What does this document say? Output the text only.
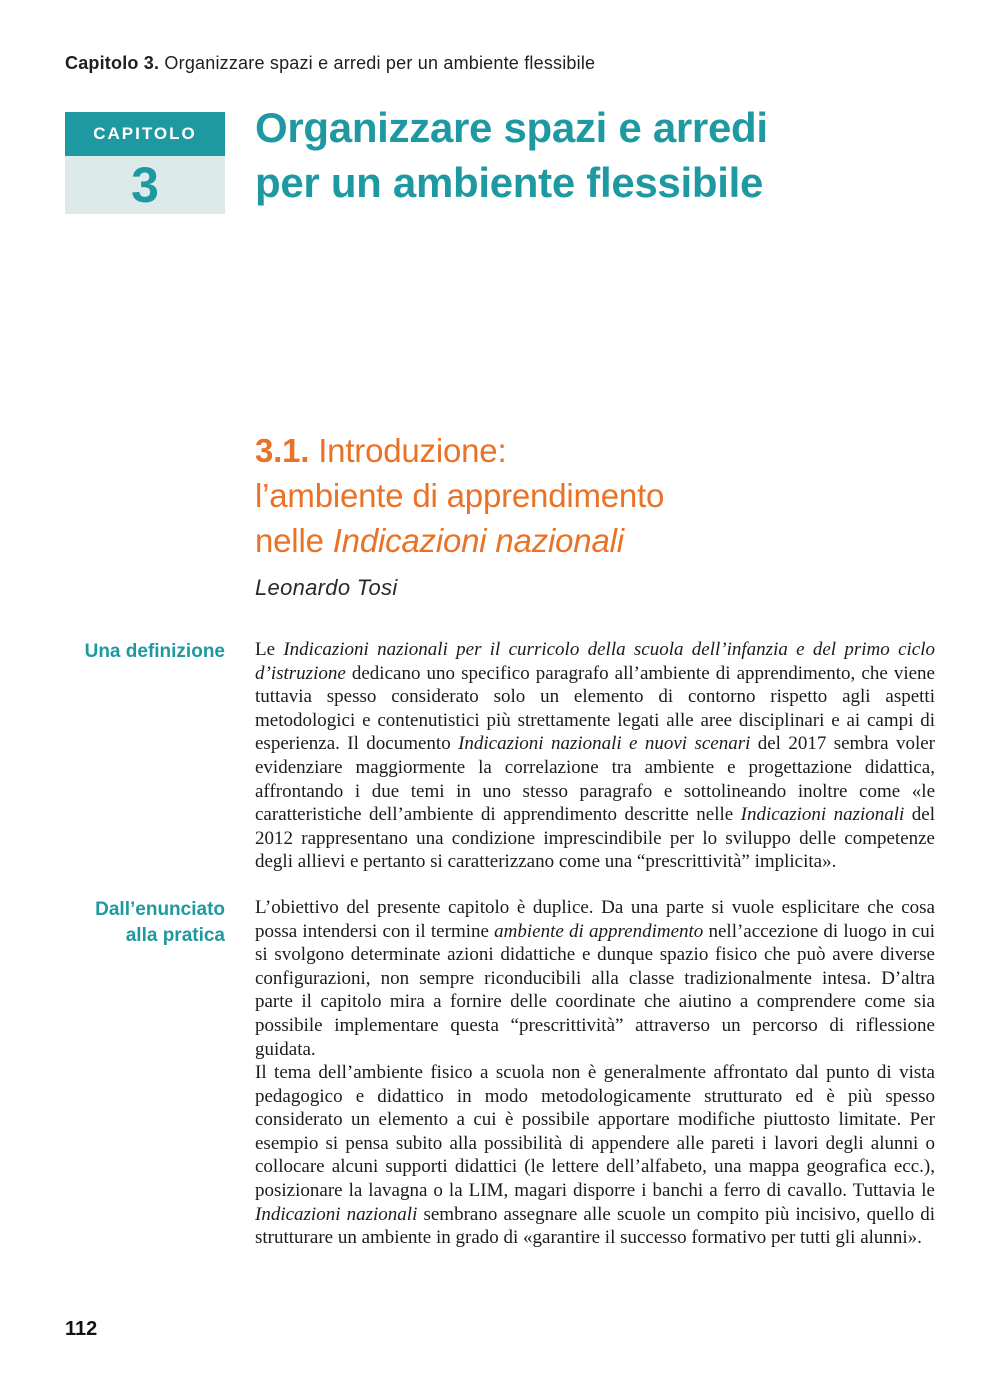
Capitolo 3. Organizzare spazi e arredi per un ambiente flessibile
CAPITOLO
3
Organizzare spazi e arredi
per un ambiente flessibile
3.1. Introduzione:
l’ambiente di apprendimento
nelle Indicazioni nazionali
Leonardo Tosi
Una definizione Le Indicazioni nazionali per il curricolo della scuola dell’infanzia e del primo ciclo d’istruzione dedicano uno specifico paragrafo all’ambiente di apprendimento, che viene tuttavia spesso considerato solo un elemento di contorno rispetto agli aspetti metodologici e contenutistici più strettamente legati alle aree disciplinari e ai campi di esperienza. Il documento Indicazioni nazionali e nuovi scenari del 2017 sembra voler evidenziare maggiormente la correlazione tra ambiente e progettazione didattica, affrontando i due temi in uno stesso paragrafo e sottolineando inoltre come «le caratteristiche dell’ambiente di apprendimento descritte nelle Indicazioni nazionali del 2012 rappresentano una condizione imprescindibile per lo sviluppo delle competenze degli allievi e pertanto si caratterizzano come una “prescrittività” implicita».

Dall’enunciato alla pratica

L’obiettivo del presente capitolo è duplice. Da una parte si vuole esplicitare che cosa possa intendersi con il termine ambiente di apprendimento nell’accezione di luogo in cui si svolgono determinate azioni didattiche e dunque spazio fisico che può avere diverse configurazioni, non sempre riconducibili alla classe tradizionalmente intesa. D’altra parte il capitolo mira a fornire delle coordinate che aiutino a comprendere come sia possibile implementare questa “prescrittività” attraverso un percorso di riflessione guidata.

Il tema dell’ambiente fisico a scuola non è generalmente affrontato dal punto di vista pedagogico e didattico in modo metodologicamente strutturato ed è più spesso considerato un elemento a cui è possibile apportare modifiche piuttosto limitate. Per esempio si pensa subito alla possibilità di appendere alle pareti i lavori degli alunni o collocare alcuni supporti didattici (le lettere dell’alfabeto, una mappa geografica ecc.), posizionare la lavagna o la LIM, magari disporre i banchi a ferro di cavallo. Tuttavia le Indicazioni nazionali sembrano assegnare alle scuole un compito più incisivo, quello di strutturare un ambiente in grado di «garantire il successo formativo per tutti gli alunni».

112
